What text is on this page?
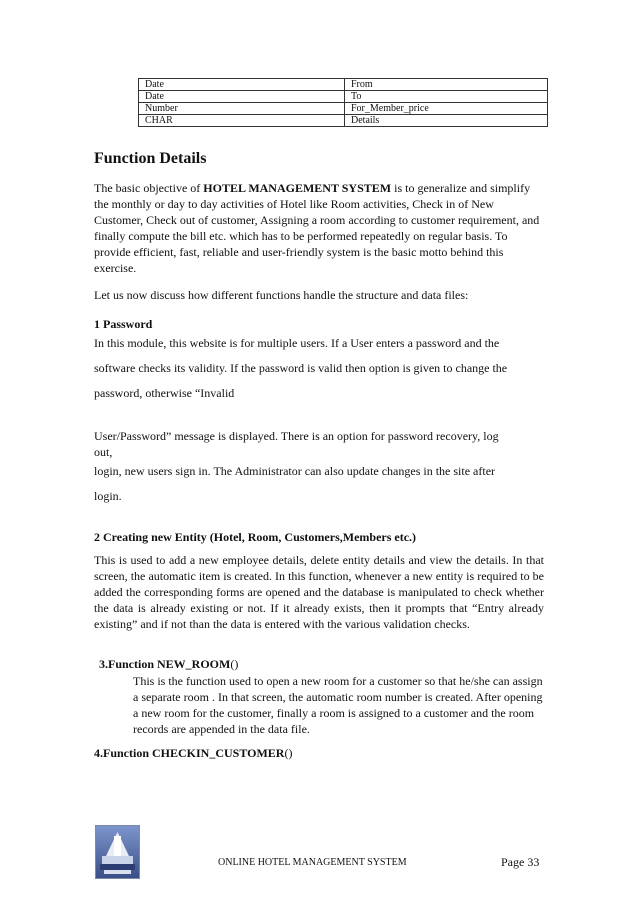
Date	From
Date	To
Number	For_Member_price
CHAR	Details
Function Details
The basic objective of HOTEL MANAGEMENT SYSTEM is to generalize and simplify the monthly or day to day activities of Hotel like Room activities, Check in of New Customer, Check out of customer, Assigning a room according to customer requirement, and finally compute the bill etc. which has to be performed repeatedly on regular basis. To provide efficient, fast, reliable and user-friendly system is the basic motto behind this exercise.
Let us now discuss how different functions handle the structure and data files:
1 Password
In this module, this website is for multiple users. If a User enters a password and the
software checks its validity. If the password is valid then option is given to change the
password, otherwise “Invalid
User/Password” message is displayed. There is an option for password recovery, log
out,
login, new users sign in. The Administrator can also update changes in the site after
login.
2 Creating new Entity (Hotel, Room, Customers,Members etc.)
This is used to add a new employee details, delete entity details and view the details. In that screen, the automatic item is created. In this function, whenever a new entity is required to be added the corresponding forms are opened and the database is manipulated to check whether the data is already existing or not. If it already exists, then it prompts that “Entry already existing” and if not than the data is entered with the various validation checks.
3.Function NEW_ROOM()
This is the function used to open a new room for a customer so that he/she can assign a separate room . In that screen, the automatic room number is created. After opening a new room for the customer, finally a room is assigned to a customer and the room records are appended in the data file.
4.Function CHECKIN_CUSTOMER()
ONLINE HOTEL MANAGEMENT SYSTEM	Page 33
